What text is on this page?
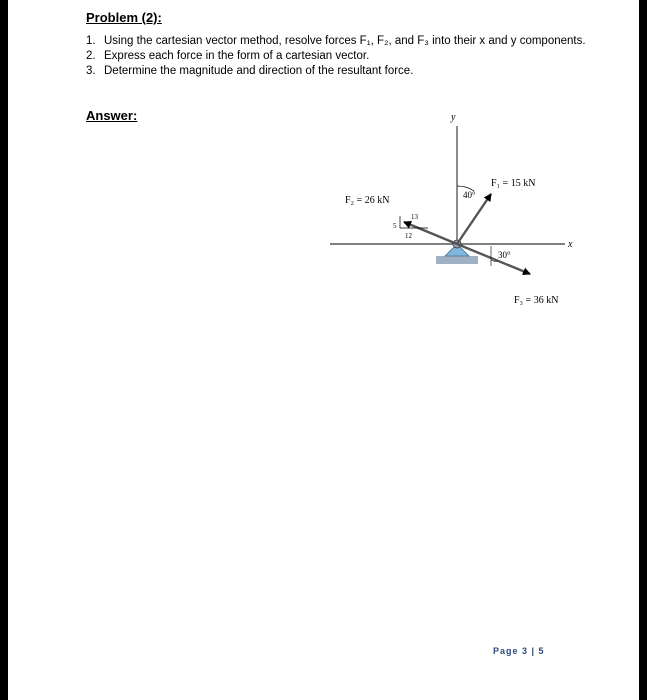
Problem (2):
1. Using the cartesian vector method, resolve forces F₁, F₂, and F₃ into their x and y components.
2. Express each force in the form of a cartesian vector.
3. Determine the magnitude and direction of the resultant force.
Answer:
Page 3 | 5
y
x
F₁ = 15 kN
40°
F₂ = 26 kN
13
5
12
F₃ = 36 kN
30°
